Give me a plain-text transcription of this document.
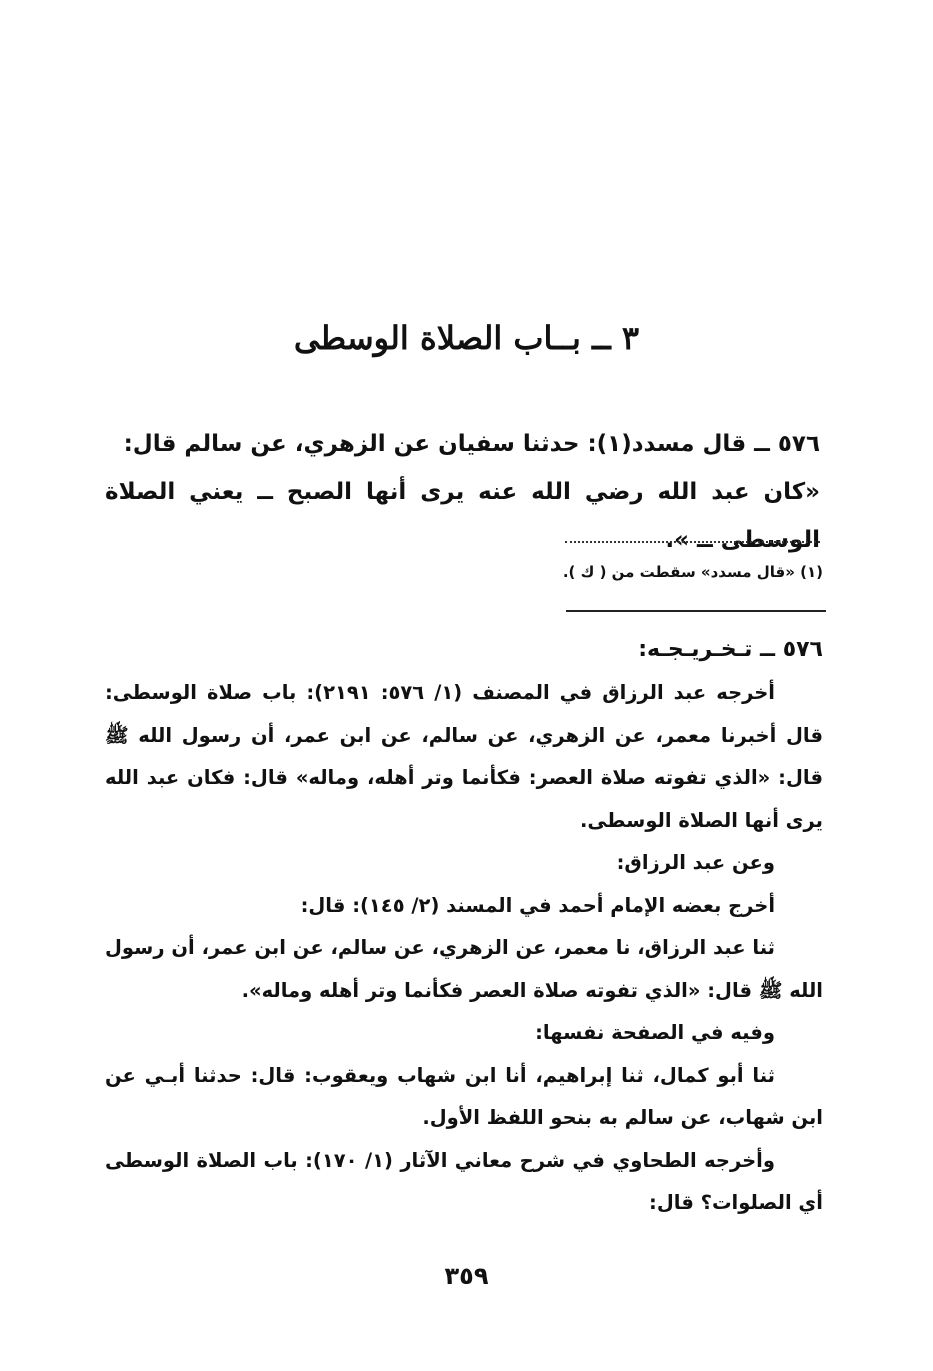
٣ ــ بــاب الصلاة الوسطى

٥٧٦ ــ قال مسدد(١): حدثنا سفيان عن الزهري، عن سالم قال:

«كان عبد الله رضي الله عنه يرى أنها الصبح ــ يعني الصلاة الوسطى ــ ».

(١) «قال مسدد» سقطت من ( ك ).
٥٧٦ ــ تـخـريـجـه:

أخرجه عبد الرزاق في المصنف (١/ ٥٧٦: ٢١٩١): باب صلاة الوسطى: قال أخبرنا معمر، عن الزهري، عن سالم، عن ابن عمر، أن رسول الله ﷺ قال: «الذي تفوته صلاة العصر: فكأنما وتر أهله، وماله» قال: فكان عبد الله يرى أنها الصلاة الوسطى.

وعن عبد الرزاق:

أخرج بعضه الإمام أحمد في المسند (٢/ ١٤٥): قال:

ثنا عبد الرزاق، نا معمر، عن الزهري، عن سالم، عن ابن عمر، أن رسول الله ﷺ قال: «الذي تفوته صلاة العصر فكأنما وتر أهله وماله».

وفيه في الصفحة نفسها:

ثنا أبو كمال، ثنا إبراهيم، أنا ابن شهاب ويعقوب: قال: حدثنا أبـي عن ابن شهاب، عن سالم به بنحو اللفظ الأول.

وأخرجه الطحاوي في شرح معاني الآثار (١/ ١٧٠): باب الصلاة الوسطى أي الصلوات؟ قال:

٣٥٩
